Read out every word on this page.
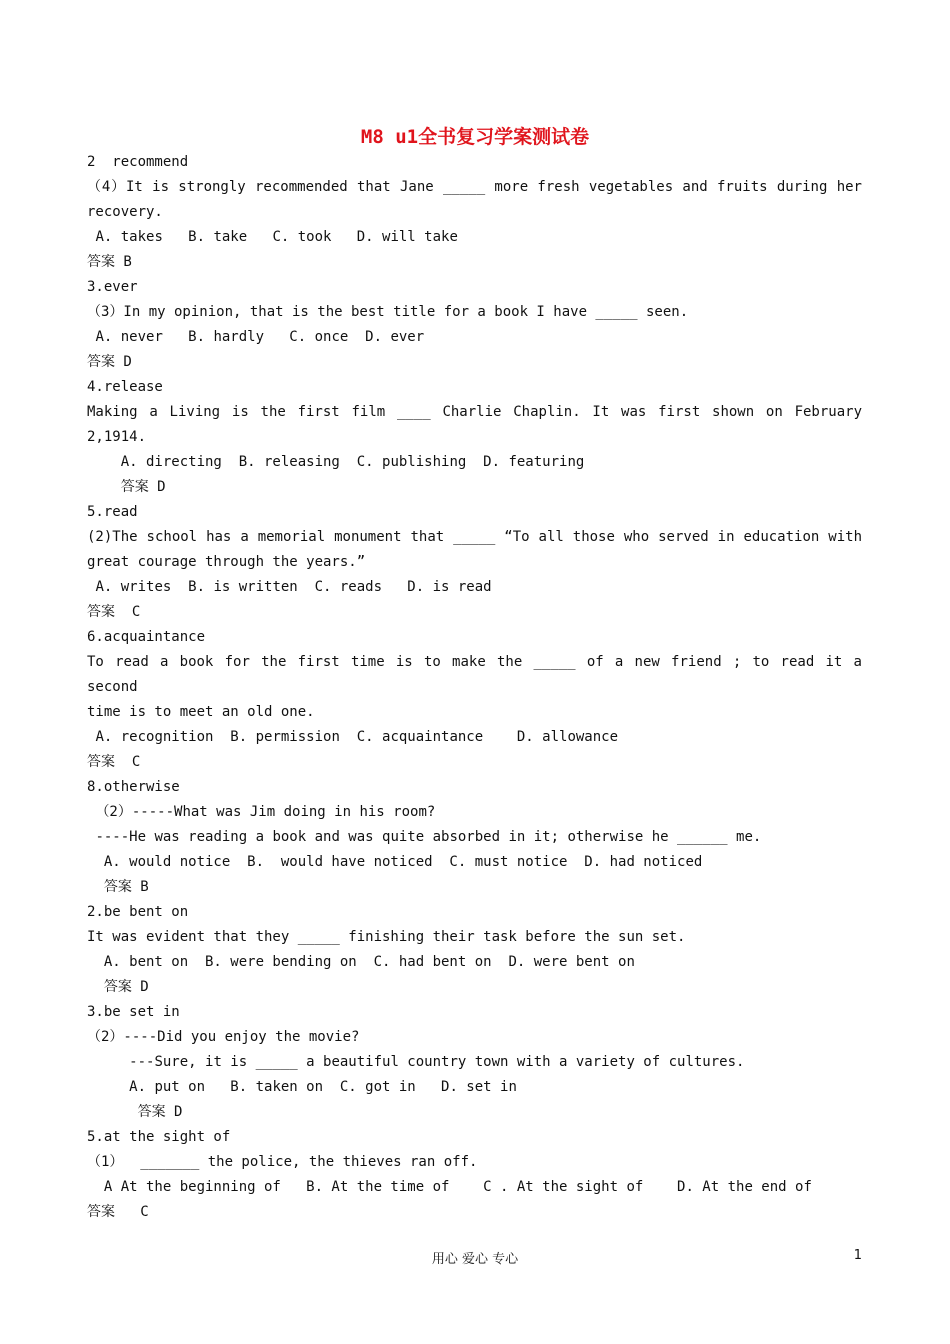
M8 u1全书复习学案测试卷
2  recommend
（4）It is strongly recommended that Jane _____ more fresh vegetables and fruits during her
recovery.
A. takes   B. take   C. took   D. will take
答案 B
3.ever
（3）In my opinion, that is the best title for a book I have _____ seen.
A. never   B. hardly   C. once  D. ever
答案 D
4.release
Making a Living is the first film ____ Charlie Chaplin. It was first shown on February
2,1914.
A. directing  B. releasing  C. publishing  D. featuring
答案 D
5.read
(2)The school has a memorial monument that _____ “To all those who served in education with
great courage through the years.”
A. writes  B. is written  C. reads   D. is read
答案  C
6.acquaintance
To read a book for the first time is to make the _____ of a new friend ; to read it a second
time is to meet an old one.
A. recognition  B. permission  C. acquaintance    D. allowance
答案  C
8.otherwise
（2）-----What was Jim doing in his room?
----He was reading a book and was quite absorbed in it; otherwise he ______ me.
A. would notice  B.  would have noticed  C. must notice  D. had noticed
答案 B
2.be bent on
It was evident that they _____ finishing their task before the sun set.
A. bent on  B. were bending on  C. had bent on  D. were bent on
答案 D
3.be set in
（2）----Did you enjoy the movie?
---Sure, it is _____ a beautiful country town with a variety of cultures.
A. put on   B. taken on  C. got in   D. set in
答案 D
5.at the sight of
（1）  _______ the police, the thieves ran off.
A At the beginning of   B. At the time of    C . At the sight of    D. At the end of
答案   C
用心 爱心 专心	1
